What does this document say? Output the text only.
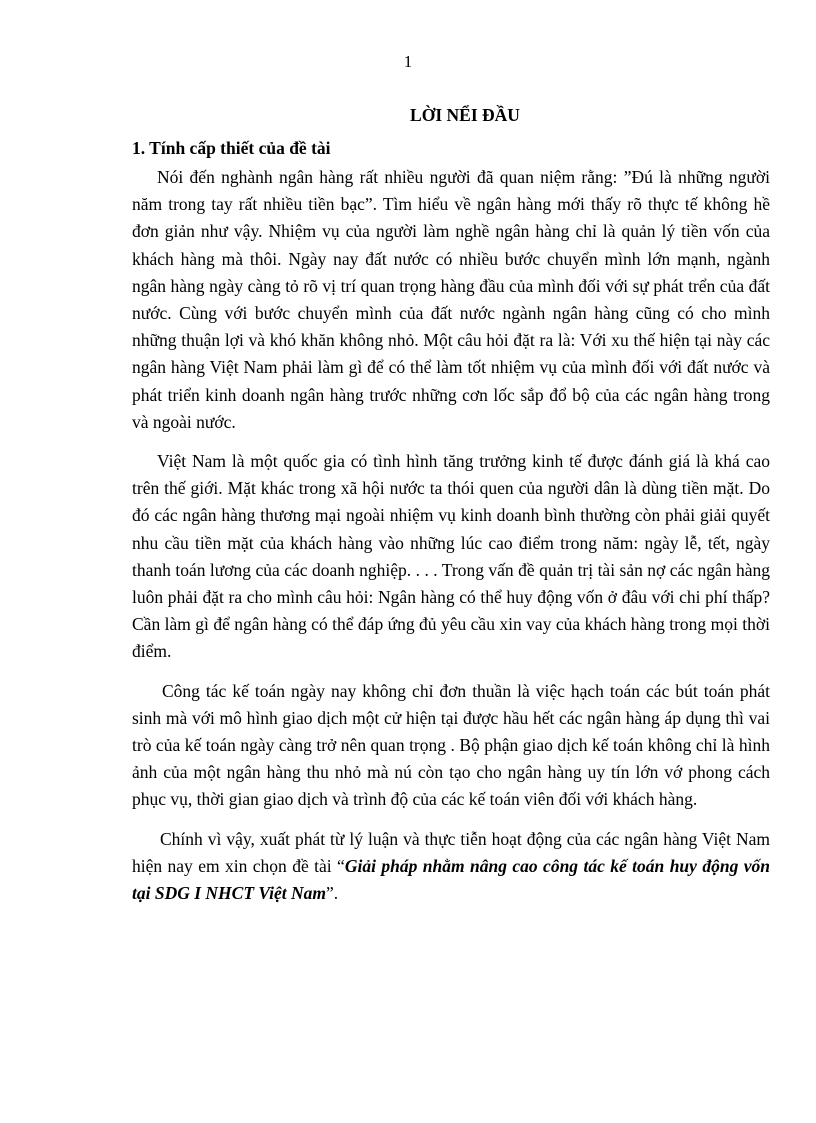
1
LỜI NỂI ĐẦU
1. Tính cấp thiết của đề tài

Nói đến nghành ngân hàng rất nhiều người đã quan niệm rằng: ”Đú là những người năm trong tay rất nhiều tiền bạc”. Tìm hiểu về ngân hàng mới thấy rõ thực tế không hề đơn giản như vậy. Nhiệm vụ của người làm nghề ngân hàng chỉ là quản lý tiền vốn của khách hàng mà thôi. Ngày nay đất nước có nhiều bước chuyển mình lớn mạnh, ngành ngân hàng ngày càng tỏ rõ vị trí quan trọng hàng đầu của mình đối với sự phát trển của đất nước. Cùng với bước chuyển mình của đất nước ngành ngân hàng cũng có cho mình những thuận lợi và khó khăn không nhỏ. Một câu hỏi đặt ra là: Với xu thế hiện tại này các ngân hàng Việt Nam phải làm gì để có thể làm tốt nhiệm vụ của mình đối với đất nước và phát triển kinh doanh ngân hàng trước những cơn lốc sắp đổ bộ của các ngân hàng trong và ngoài nước.

Việt Nam là một quốc gia có tình hình tăng trưởng kinh tế được đánh giá là khá cao trên thế giới. Mặt khác trong xã hội nước ta thói quen của người dân là dùng tiền mặt. Do đó các ngân hàng thương mại ngoài nhiệm vụ kinh doanh bình thường còn phải giải quyết nhu cầu tiền mặt của khách hàng vào những lúc cao điểm trong năm: ngày lễ, tết, ngày thanh toán lương của các doanh nghiệp. . . . Trong vấn đề quản trị tài sản nợ các ngân hàng luôn phải đặt ra cho mình câu hỏi: Ngân hàng có thể huy động vốn ở đâu với chi phí thấp? Cần làm gì để ngân hàng có thể đáp ứng đủ yêu cầu xin vay của khách hàng trong mọi thời điểm.

Công tác kế toán ngày nay không chỉ đơn thuần là việc hạch toán các bút toán phát sinh mà với mô hình giao dịch một cử hiện tại được hầu hết các ngân hàng áp dụng thì vai trò của kế toán ngày càng trở nên quan trọng . Bộ phận giao dịch kế toán không chỉ là hình ảnh của một ngân hàng thu nhỏ mà nú còn tạo cho ngân hàng uy tín lớn vớ phong cách phục vụ, thời gian giao dịch và trình độ của các kế toán viên đối với khách hàng.

Chính vì vậy, xuất phát từ lý luận và thực tiễn hoạt động của các ngân hàng Việt Nam hiện nay em xin chọn đề tài “Giải pháp nhằm nâng cao công tác kế toán huy động vốn tại SDG I NHCT Việt Nam”.
